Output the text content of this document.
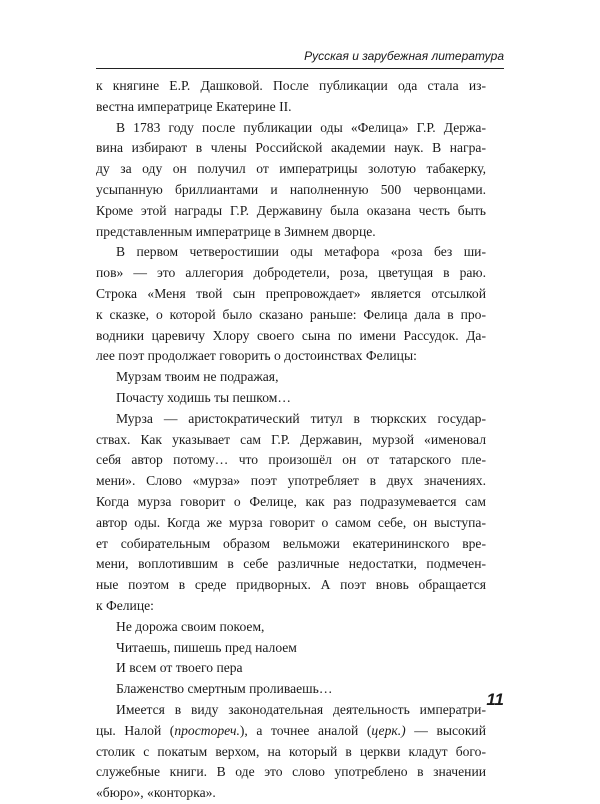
Русская и зарубежная литература

к княгине Е.Р. Дашковой. После публикации ода стала из-
вестна императрице Екатерине II.

В 1783 году после публикации оды «Фелица» Г.Р. Держа-
вина избирают в члены Российской академии наук. В награ-
ду за оду он получил от императрицы золотую табакерку,
усыпанную бриллиантами и наполненную 500 червонцами.
Кроме этой награды Г.Р. Державину была оказана честь быть
представленным императрице в Зимнем дворце.

В первом четверостишии оды метафора «роза без ши-
пов» — это аллегория добродетели, роза, цветущая в раю.
Строка «Меня твой сын препровождает» является отсылкой
к сказке, о которой было сказано раньше: Фелица дала в про-
водники царевичу Хлору своего сына по имени Рассудок. Да-
лее поэт продолжает говорить о достоинствах Фелицы:

Мурзам твоим не подражая,
Почасту ходишь ты пешком…

Мурза — аристократический титул в тюркских государ-
ствах. Как указывает сам Г.Р. Державин, мурзой «именовал
себя автор потому… что произошёл он от татарского пле-
мени». Слово «мурза» поэт употребляет в двух значениях.
Когда мурза говорит о Фелице, как раз подразумевается сам
автор оды. Когда же мурза говорит о самом себе, он выступа-
ет собирательным образом вельможи екатерининского вре-
мени, воплотившим в себе различные недостатки, подмечен-
ные поэтом в среде придворных. А поэт вновь обращается
к Фелице:

Не дорожа своим покоем,
Читаешь, пишешь пред налоем
И всем от твоего пера
Блаженство смертным проливаешь…

Имеется в виду законодательная деятельность императри-
цы. Налой (простореч.), а точнее аналой (церк.) — высокий
столик с покатым верхом, на который в церкви кладут бого-
служебные книги. В оде это слово употреблено в значении
«бюро», «конторка».

11
